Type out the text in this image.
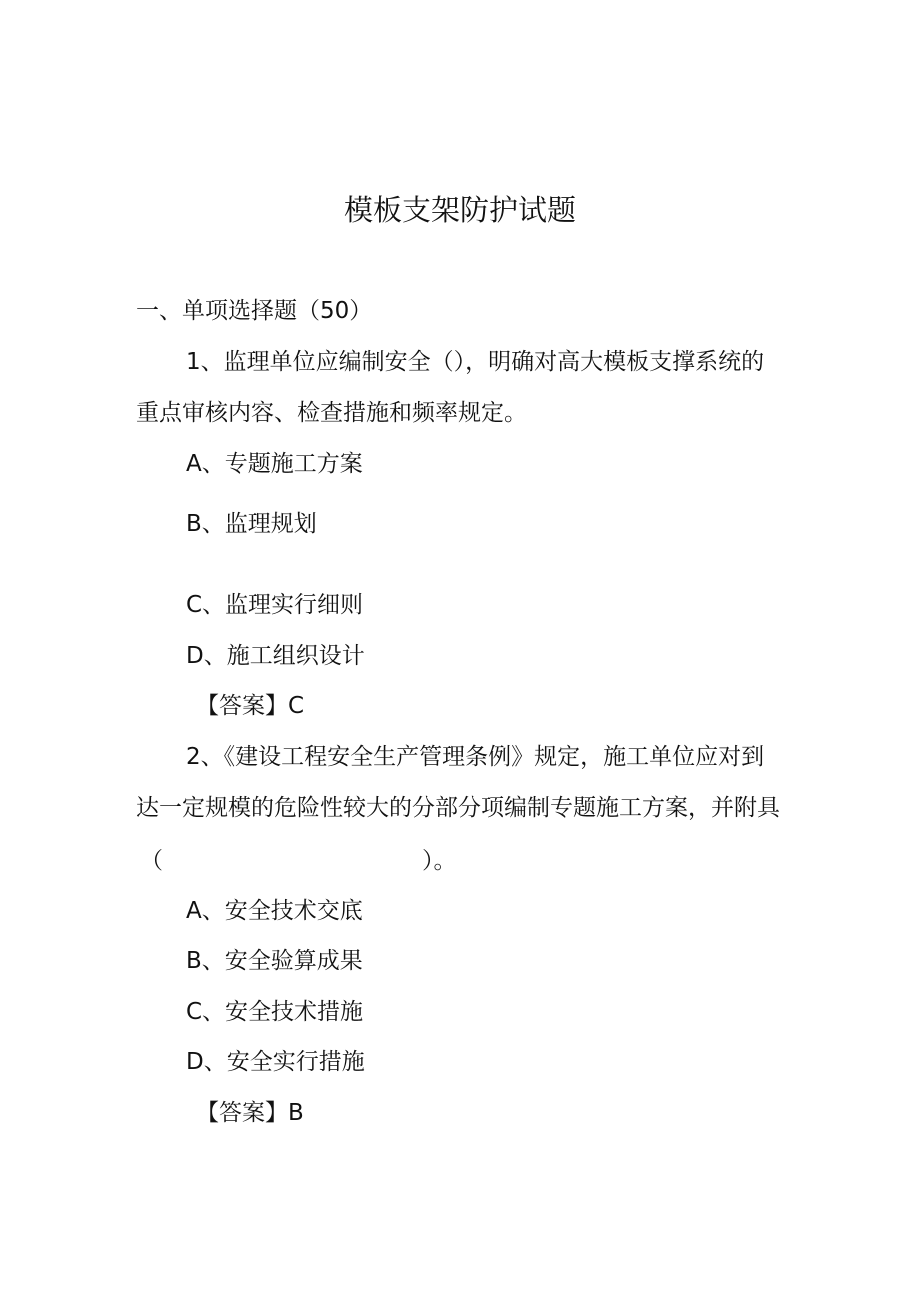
模板支架防护试题
一、单项选择题（50）
1、监理单位应编制安全（），明确对高大模板支撑系统的
重点审核内容、检查措施和频率规定。
A、专题施工方案
B、监理规划
C、监理实行细则
D、施工组织设计
【答案】C
2、《建设工程安全生产管理条例》规定，施工单位应对到
达一定规模的危险性较大的分部分项编制专题施工方案，并附具
（	）。
A、安全技术交底
B、安全验算成果
C、安全技术措施
D、安全实行措施
【答案】B
